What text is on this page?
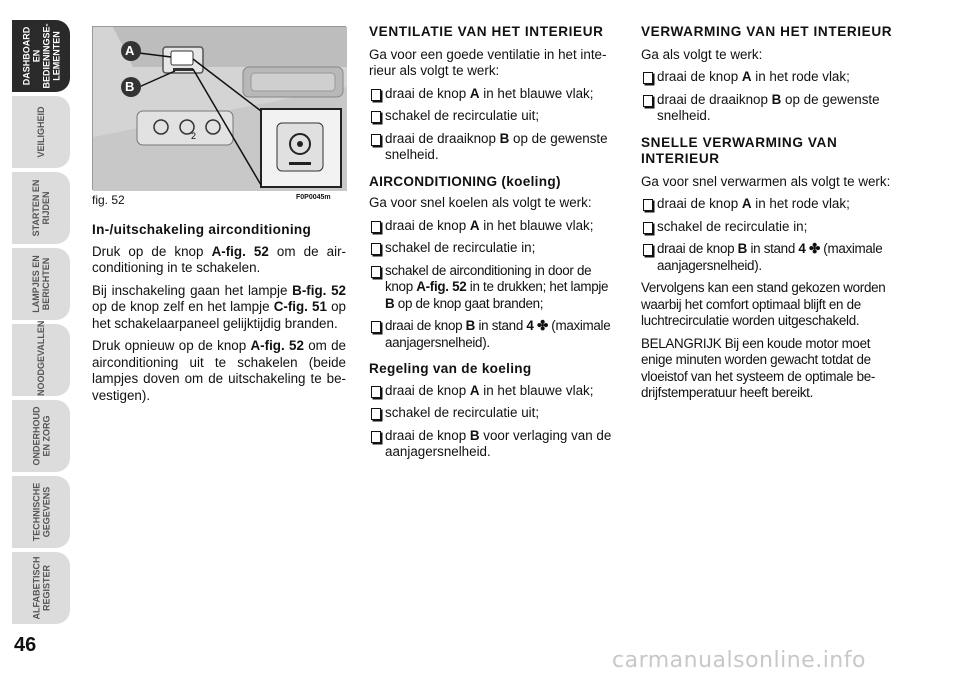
DASHBOARD EN
BEDIENINGSE-
LEMENTEN
VEILIGHEID
STARTEN EN
RIJDEN
LAMPJES EN
BERICHTEN
NOODGEVALLEN
ONDERHOUD
EN ZORG
TECHNISCHE
GEGEVENS
ALFABETISCH
REGISTER
46
A
B
2
fig. 52	F0P0045m
In-/uitschakeling airconditioning

Druk op de knop A-fig. 52 om de airconditioning in te schakelen.

Bij inschakeling gaan het lampje B-fig. 52 op de knop zelf en het lampje C-fig. 51 op het schakelaarpaneel gelijktijdig branden.

Druk opnieuw op de knop A-fig. 52 om de airconditioning uit te schakelen (beide lampjes doven om de uitschakeling te bevestigen).

VENTILATIE VAN HET INTERIEUR

Ga voor een goede ventilatie in het interieur als volgt te werk:

draai de knop A in het blauwe vlak;
schakel de recirculatie uit;
draai de draaiknop B op de gewenste snelheid.
AIRCONDITIONING (koeling)

Ga voor snel koelen als volgt te werk:

draai de knop A in het blauwe vlak;
schakel de recirculatie in;
schakel de airconditioning in door de knop A-fig. 52 in te drukken; het lampje B op de knop gaat branden;
draai de knop B in stand 4 ✤ (maximale aanjagersnelheid).
Regeling van de koeling
draai de knop A in het blauwe vlak;
schakel de recirculatie uit;
draai de knop B voor verlaging van de aanjagersnelheid.
VERWARMING VAN HET INTERIEUR

Ga als volgt te werk:

draai de knop A in het rode vlak;
draai de draaiknop B op de gewenste snelheid.
SNELLE VERWARMING VAN INTERIEUR

Ga voor snel verwarmen als volgt te werk:

draai de knop A in het rode vlak;
schakel de recirculatie in;
draai de knop B in stand 4 ✤ (maximale aanjagersnelheid).

Vervolgens kan een stand gekozen worden waarbij het comfort optimaal blijft en de luchtrecirculatie worden uitgeschakeld.

BELANGRIJK Bij een koude motor moet enige minuten worden gewacht totdat de vloeistof van het systeem de optimale bedrijfstemperatuur heeft bereikt.

carmanualsonline.info
